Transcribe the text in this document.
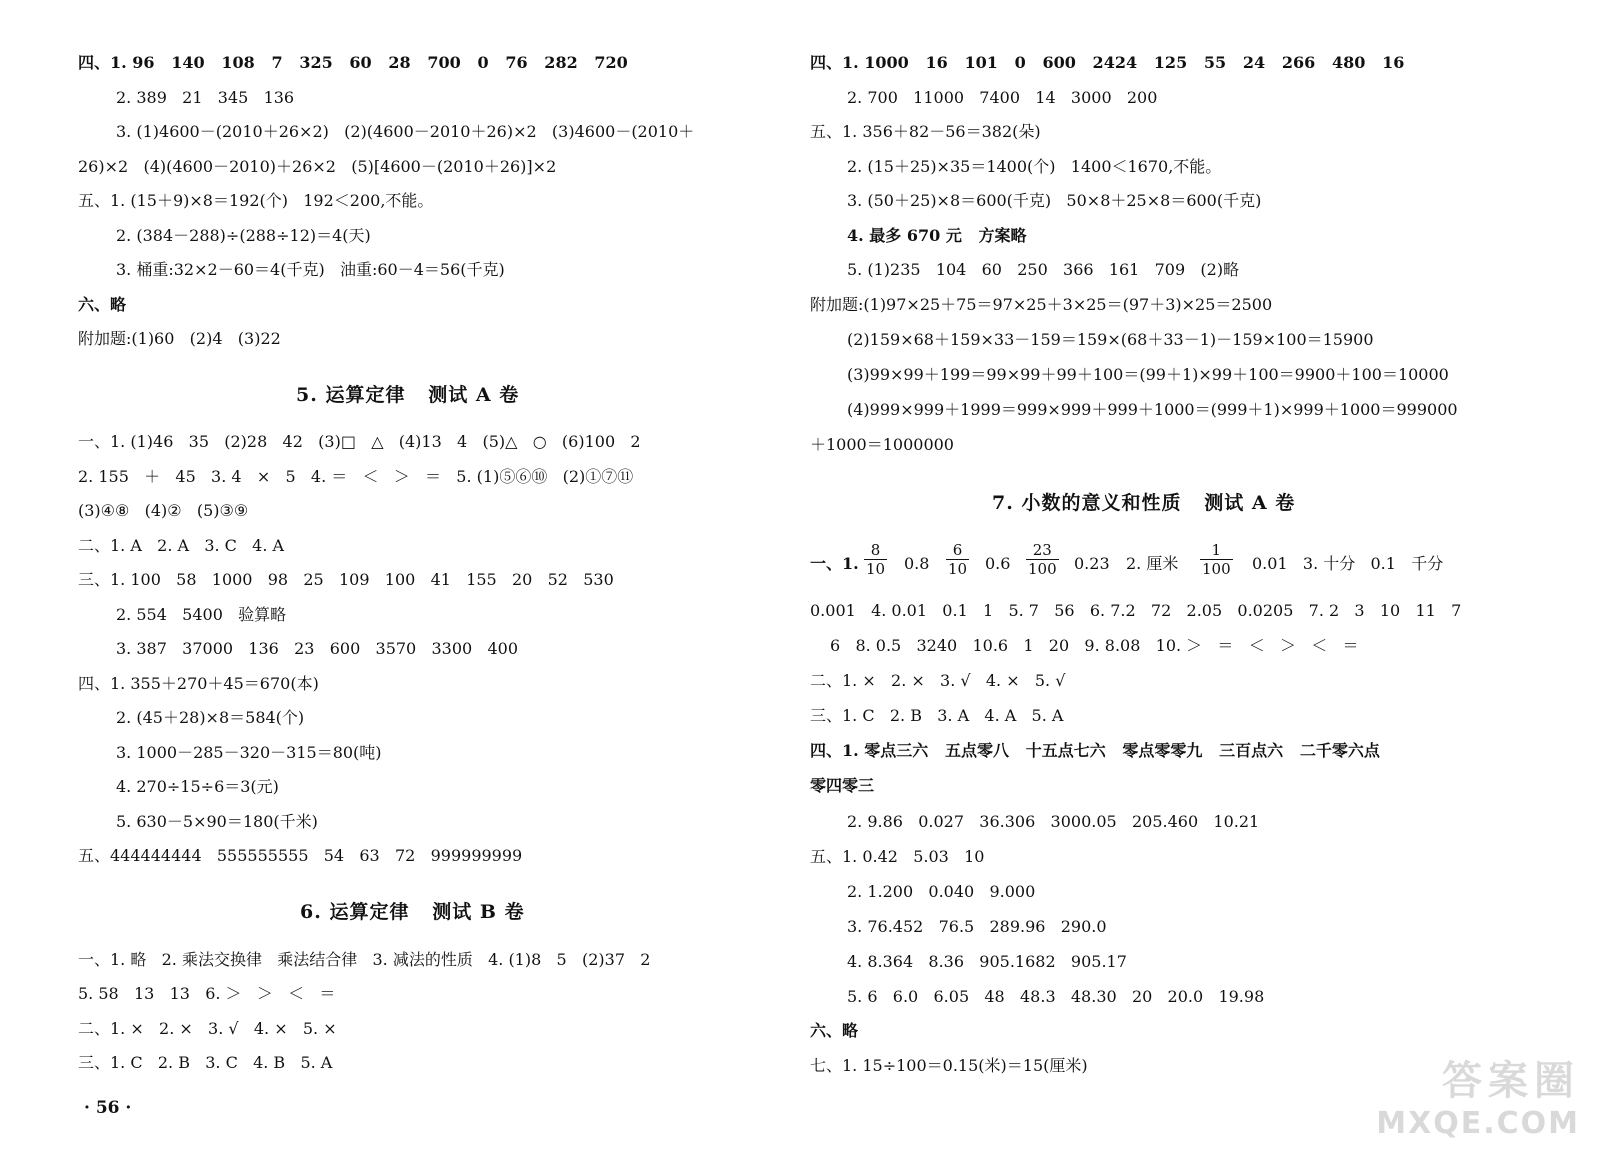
四、1. 96   140   108   7   325   60   28   700   0   76   282   720
2. 389   21   345   136
3. (1)4600－(2010＋26×2)   (2)(4600－2010＋26)×2   (3)4600－(2010＋
26)×2   (4)(4600－2010)＋26×2   (5)[4600－(2010＋26)]×2
五、1. (15＋9)×8＝192(个)   192＜200,不能。
2. (384－288)÷(288÷12)＝4(天)
3. 桶重:32×2－60＝4(千克)   油重:60－4＝56(千克)
六、略
附加题:(1)60   (2)4   (3)22
5. 运算定律   测试 A 卷
一、1. (1)46   35   (2)28   42   (3)□   △   (4)13   4   (5)△   ○   (6)100   2
2. 155   ＋   45   3. 4   ×   5   4. ＝   ＜   ＞   ＝   5. (1)⑤⑥⑩   (2)①⑦⑪
(3)④⑧   (4)②   (5)③⑨
二、1. A   2. A   3. C   4. A
三、1. 100   58   1000   98   25   109   100   41   155   20   52   530
2. 554   5400   验算略
3. 387   37000   136   23   600   3570   3300   400
四、1. 355＋270＋45＝670(本)
2. (45＋28)×8＝584(个)
3. 1000－285－320－315＝80(吨)
4. 270÷15÷6＝3(元)
5. 630－5×90＝180(千米)
五、444444444   555555555   54   63   72   999999999
6. 运算定律   测试 B 卷
一、1. 略   2. 乘法交换律   乘法结合律   3. 减法的性质   4. (1)8   5   (2)37   2
5. 58   13   13   6. ＞   ＞   ＜   ＝
二、1. ×   2. ×   3. √   4. ×   5. ×
三、1. C   2. B   3. C   4. B   5. A
· 56 ·
四、1. 1000   16   101   0   600   2424   125   55   24   266   480   16
2. 700   11000   7400   14   3000   200
五、1. 356＋82－56＝382(朵)
2. (15＋25)×35＝1400(个)   1400＜1670,不能。
3. (50＋25)×8＝600(千克)   50×8＋25×8＝600(千克)
4. 最多 670 元   方案略
5. (1)235   104   60   250   366   161   709   (2)略
附加题:(1)97×25＋75＝97×25＋3×25＝(97＋3)×25＝2500
(2)159×68＋159×33－159＝159×(68＋33－1)－159×100＝15900
(3)99×99＋199＝99×99＋99＋100＝(99＋1)×99＋100＝9900＋100＝10000
(4)999×999＋1999＝999×999＋999＋1000＝(999＋1)×999＋1000＝999000
＋1000＝1000000
7. 小数的意义和性质   测试 A 卷
一、1. $\frac{8}{10} 0.8 \frac{6}{10} 0.6 \frac{23}{100} 0.23$ 2. 厘米 $\frac{1}{100} 0.01$   3. 十分   0.1   千分
0.001   4. 0.01   0.1   1   5. 7   56   6. 7.2   72   2.05   0.0205   7. 2   3   10   11   7
6   8. 0.5   3240   10.6   1   20   9. 8.08   10. ＞   ＝   ＜   ＞   ＜   ＝
二、1. ×   2. ×   3. √   4. ×   5. √
三、1. C   2. B   3. A   4. A   5. A
四、1. 零点三六   五点零八   十五点七六   零点零零九   三百点六   二千零六点
零四零三
2. 9.86   0.027   36.306   3000.05   205.460   10.21
五、1. 0.42   5.03   10
2. 1.200   0.040   9.000
3. 76.452   76.5   289.96   290.0
4. 8.364   8.36   905.1682   905.17
5. 6   6.0   6.05   48   48.3   48.30   20   20.0   19.98
六、略
七、1. 15÷100＝0.15(米)＝15(厘米)	答案圈
MXQE.COM
